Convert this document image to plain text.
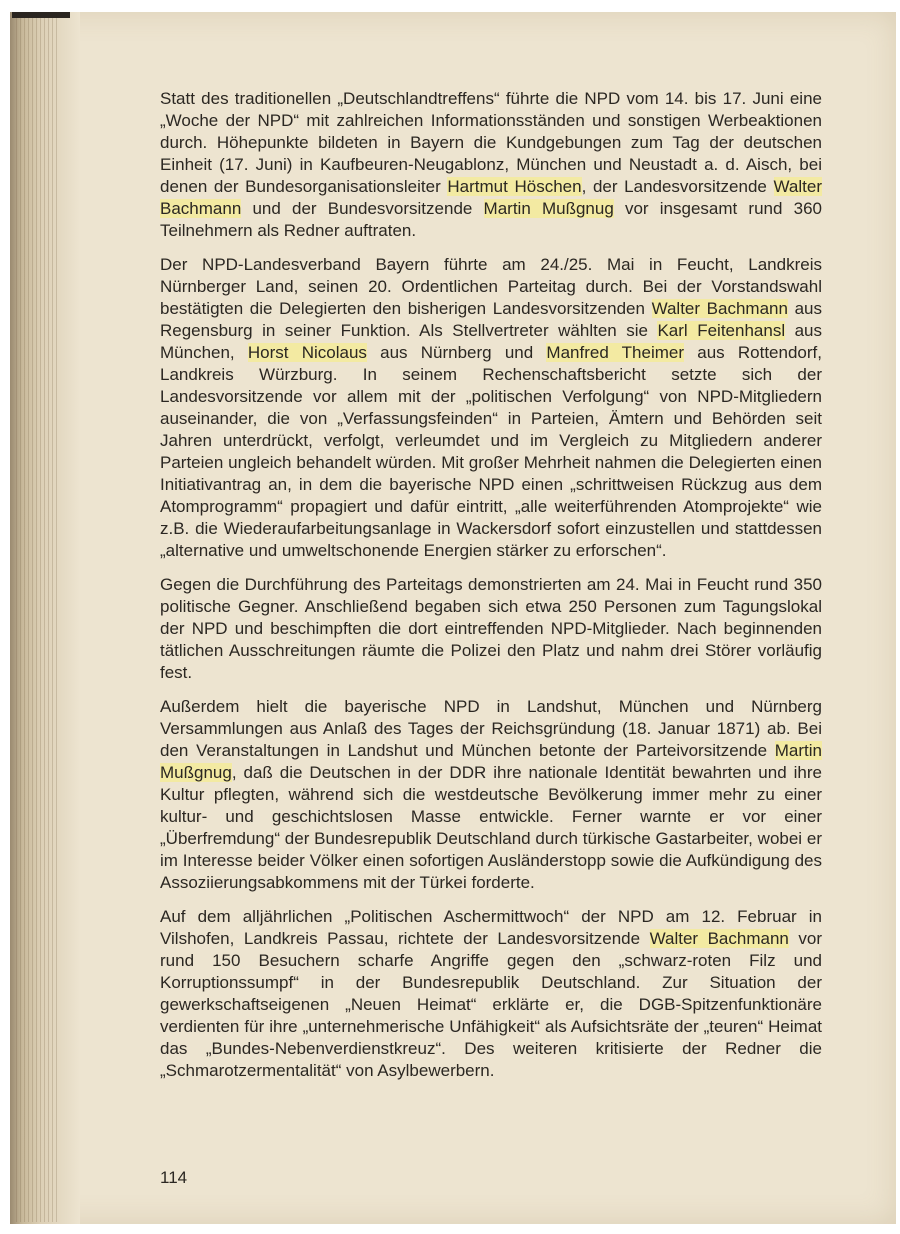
Statt des traditionellen „Deutschlandtreffens“ führte die NPD vom 14. bis 17. Juni eine „Woche der NPD“ mit zahlreichen Informationsständen und sonstigen Werbeaktionen durch. Höhepunkte bildeten in Bayern die Kundgebungen zum Tag der deutschen Einheit (17. Juni) in Kaufbeuren-Neugablonz, München und Neustadt a. d. Aisch, bei denen der Bundesorganisationsleiter Hartmut Höschen, der Landesvorsitzende Walter Bachmann und der Bundesvorsitzende Martin Mußgnug vor insgesamt rund 360 Teilnehmern als Redner auftraten.

Der NPD-Landesverband Bayern führte am 24./25. Mai in Feucht, Landkreis Nürnberger Land, seinen 20. Ordentlichen Parteitag durch. Bei der Vorstandswahl bestätigten die Delegierten den bisherigen Landesvorsitzenden Walter Bachmann aus Regensburg in seiner Funktion. Als Stellvertreter wählten sie Karl Feitenhansl aus München, Horst Nicolaus aus Nürnberg und Manfred Theimer aus Rottendorf, Landkreis Würzburg. In seinem Rechenschaftsbericht setzte sich der Landesvorsitzende vor allem mit der „politischen Verfolgung“ von NPD-Mitgliedern auseinander, die von „Verfassungsfeinden“ in Parteien, Ämtern und Behörden seit Jahren unterdrückt, verfolgt, verleumdet und im Vergleich zu Mitgliedern anderer Parteien ungleich behandelt würden. Mit großer Mehrheit nahmen die Delegierten einen Initiativantrag an, in dem die bayerische NPD einen „schrittweisen Rückzug aus dem Atomprogramm“ propagiert und dafür eintritt, „alle weiterführenden Atomprojekte“ wie z.B. die Wiederaufarbeitungsanlage in Wackersdorf sofort einzustellen und stattdessen „alternative und umweltschonende Energien stärker zu erforschen“.

Gegen die Durchführung des Parteitags demonstrierten am 24. Mai in Feucht rund 350 politische Gegner. Anschließend begaben sich etwa 250 Personen zum Tagungslokal der NPD und beschimpften die dort eintreffenden NPD-Mitglieder. Nach beginnenden tätlichen Ausschreitungen räumte die Polizei den Platz und nahm drei Störer vorläufig fest.

Außerdem hielt die bayerische NPD in Landshut, München und Nürnberg Versammlungen aus Anlaß des Tages der Reichsgründung (18. Januar 1871) ab. Bei den Veranstaltungen in Landshut und München betonte der Parteivorsitzende Martin Mußgnug, daß die Deutschen in der DDR ihre nationale Identität bewahrten und ihre Kultur pflegten, während sich die westdeutsche Bevölkerung immer mehr zu einer kultur- und geschichtslosen Masse entwickle. Ferner warnte er vor einer „Überfremdung“ der Bundesrepublik Deutschland durch türkische Gastarbeiter, wobei er im Interesse beider Völker einen sofortigen Ausländerstopp sowie die Aufkündigung des Assoziierungsabkommens mit der Türkei forderte.

Auf dem alljährlichen „Politischen Aschermittwoch“ der NPD am 12. Februar in Vilshofen, Landkreis Passau, richtete der Landesvorsitzende Walter Bachmann vor rund 150 Besuchern scharfe Angriffe gegen den „schwarz-roten Filz und Korruptionssumpf“ in der Bundesrepublik Deutschland. Zur Situation der gewerkschaftseigenen „Neuen Heimat“ erklärte er, die DGB-Spitzenfunktionäre verdienten für ihre „unternehmerische Unfähigkeit“ als Aufsichtsräte der „teuren“ Heimat das „Bundes-Nebenverdienstkreuz“. Des weiteren kritisierte der Redner die „Schmarotzermentalität“ von Asylbewerbern.

114
